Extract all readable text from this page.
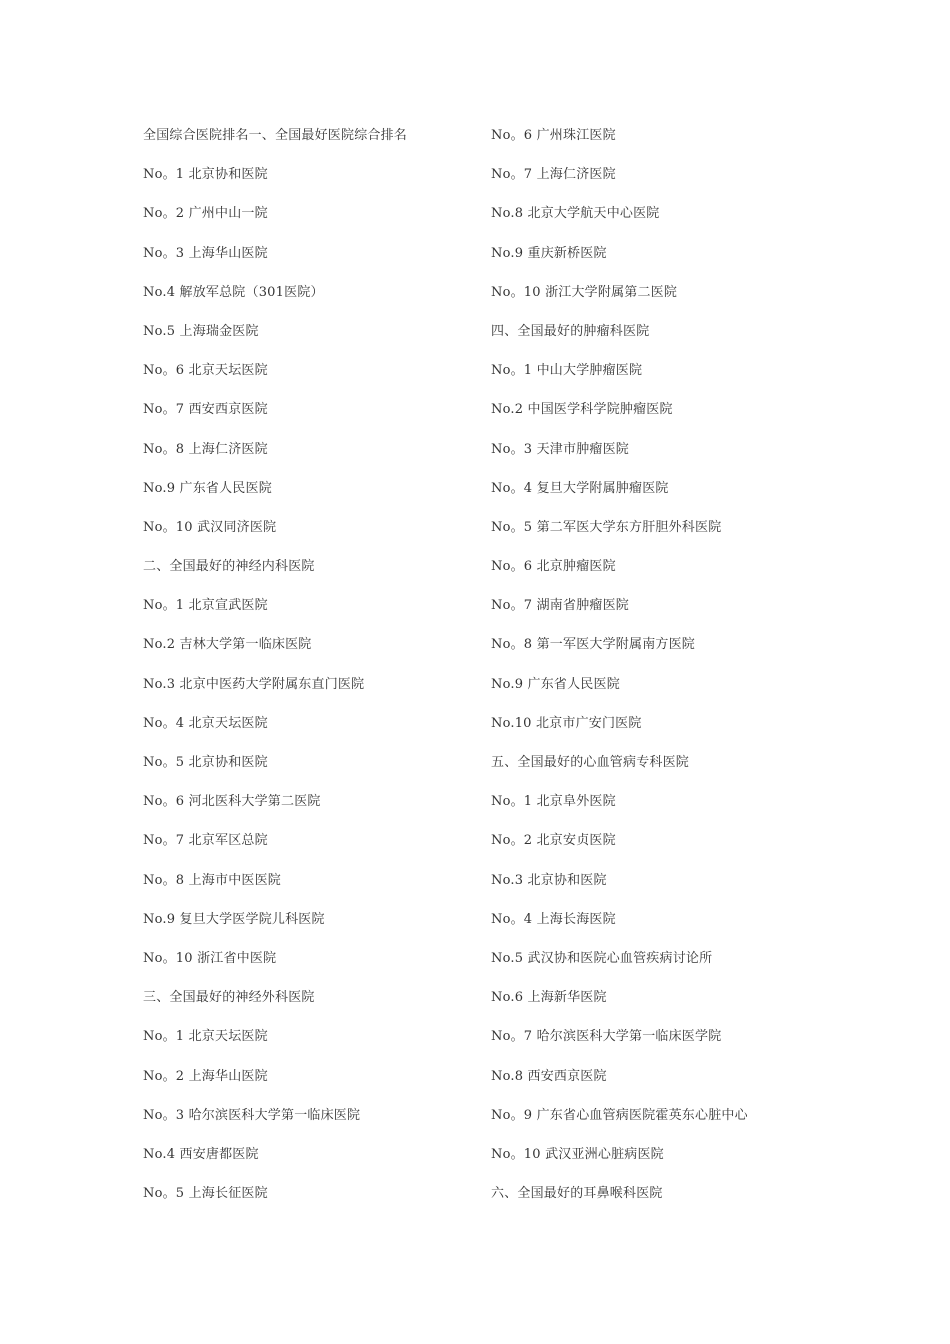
全国综合医院排名一、全国最好医院综合排名
No。1 北京协和医院
No。2 广州中山一院
No。3 上海华山医院
No.4 解放军总院（301医院）
No.5 上海瑞金医院
No。6 北京天坛医院
No。7 西安西京医院
No。8 上海仁济医院
No.9 广东省人民医院
No。10 武汉同济医院
二、全国最好的神经内科医院
No。1 北京宣武医院
No.2 吉林大学第一临床医院
No.3 北京中医药大学附属东直门医院
No。4 北京天坛医院
No。5 北京协和医院
No。6 河北医科大学第二医院
No。7 北京军区总院
No。8 上海市中医医院
No.9 复旦大学医学院儿科医院
No。10 浙江省中医院
三、全国最好的神经外科医院
No。1 北京天坛医院
No。2 上海华山医院
No。3 哈尔滨医科大学第一临床医院
No.4 西安唐都医院
No。5 上海长征医院
No。6 广州珠江医院
No。7 上海仁济医院
No.8 北京大学航天中心医院
No.9 重庆新桥医院
No。10 浙江大学附属第二医院
四、全国最好的肿瘤科医院
No。1 中山大学肿瘤医院
No.2 中国医学科学院肿瘤医院
No。3 天津市肿瘤医院
No。4 复旦大学附属肿瘤医院
No。5 第二军医大学东方肝胆外科医院
No。6 北京肿瘤医院
No。7 湖南省肿瘤医院
No。8 第一军医大学附属南方医院
No.9 广东省人民医院
No.10 北京市广安门医院
五、全国最好的心血管病专科医院
No。1 北京阜外医院
No。2 北京安贞医院
No.3 北京协和医院
No。4 上海长海医院
No.5 武汉协和医院心血管疾病讨论所
No.6 上海新华医院
No。7 哈尔滨医科大学第一临床医学院
No.8 西安西京医院
No。9 广东省心血管病医院霍英东心脏中心
No。10 武汉亚洲心脏病医院
六、全国最好的耳鼻喉科医院
